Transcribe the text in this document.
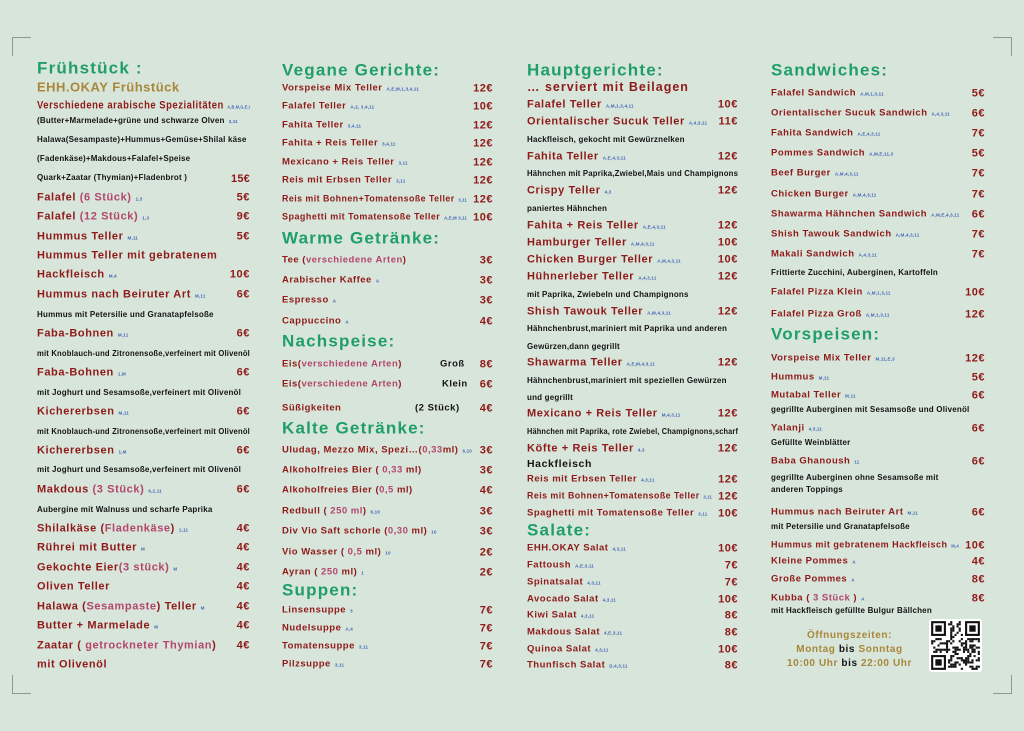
Frühstück :
EHH.OKAY Frühstück
Verschiedene arabische Spezialitäten A,B,M,G,E,I
(Butter+Marmelade+grüne und schwarze Olven 3,11
Halawa(Sesampaste)+Hummus+Gemüse+Shilal käse
(Fadenkäse)+Makdous+Falafel+Speise
Quark+Zaatar (Thymian)+Fladenbrot )	15€
Falafel (6 Stück) 1,3	5€
Falafel (12 Stück) 1,3	9€
Hummus Teller M,11	5€
Hummus Teller mit gebratenem
Hackfleisch M,4	10€
Hummus nach Beiruter Art M,11	6€
Hummus mit Petersilie und Granatapfelsoße
Faba-Bohnen M,11	6€
mit Knoblauch-und Zitronensoße,verfeinert mit Olivenöl
Faba-Bohnen 1,M	6€
mit Joghurt und Sesamsoße,verfeinert mit Olivenöl
Kichererbsen M,11	6€
mit Knoblauch-und Zitronensoße,verfeinert mit Olivenöl
Kichererbsen 1,M	6€
mit Joghurt und Sesamsoße,verfeinert mit Olivenöl
Makdous (3 Stück) 6,2,11	6€
Aubergine mit Walnuss und scharfe Paprika
Shilalkäse (Fladenkäse) 1,11	4€
Rührei mit Butter M	4€
Gekochte Eier(3 stück) M	4€
Oliven Teller	4€
Halawa (Sesampaste) Teller M	4€
Butter + Marmelade M	4€
Zaatar ( getrockneter Thymian) 4€
mit Olivenöl
Vegane Gerichte:
Vorspeise Mix Teller A,E,M,1,3,4,11	12€
Falafel Teller A,2, 3,4,11	10€
Fahita Teller 3,4,11	12€
Fahita + Reis Teller 3,4,11	12€
Mexicano + Reis Teller 3,11	12€
Reis mit Erbsen Teller 3,11	12€
Reis mit Bohnen+Tomatensoße Teller 3,11 12€
Spaghetti mit Tomatensoße Teller A,E,M 3,11 10€
Warme Getränke:
Tee (verschiedene Arten)	3€
Arabischer Kaffee A	3€
Espresso A	3€
Cappuccino A	4€
Nachspeise:
Eis(verschiedene Arten)	Groß 8€
Eis(verschiedene Arten)	Klein 6€
Süßigkeiten	(2 Stück) 4€
Kalte Getränke:
Uludag, Mezzo Mix, Spezi…(0,33ml) 6,10 3€
Alkoholfreies Bier ( 0,33 ml)	3€
Alkoholfreies Bier (0,5 ml)	4€
Redbull ( 250 ml) 6,10	3€
Div Vio Saft schorle (0,30 ml) 10	3€
Vio Wasser ( 0,5 ml) 10	2€
Ayran ( 250 ml) 1	2€
Suppen:
Linsensuppe 3	7€
Nudelsuppe A,4	7€
Tomatensuppe 3,11	7€
Pilzsuppe 3,11	7€
Hauptgerichte:
… serviert mit Beilagen
Falafel Teller A,M,1,3,4,11	10€
Orientalischer Sucuk Teller A,4,3,11 11€
Hackfleisch, gekocht mit Gewürznelken
Fahita Teller A,E,4,3,11	12€
Hähnchen mit Paprika,Zwiebel,Mais und Champignons
Crispy Teller 4,3	12€
paniertes Hähnchen
Fahita + Reis Teller A,E,4,3,11	12€
Hamburger Teller A,M,4,3,11	10€
Chicken Burger Teller A,M,4,3,11	10€
Hühnerleber Teller A,4,3,11	12€
mit Paprika, Zwiebeln und Champignons
Shish Tawouk Teller A,M,4,3,11	12€
Hähnchenbrust,mariniert mit Paprika und anderen
Gewürzen,dann gegrillt
Shawarma Teller A,E,M,4,3,11	12€
Hähnchenbrust,mariniert mit speziellen Gewürzen
und gegrillt
Mexicano + Reis Teller M,4,3,11	12€
Hähnchen mit Paprika, rote Zwiebel, Champignons,scharf
Köfte + Reis Teller 4,3	12€
Hackfleisch
Reis mit Erbsen Teller 4,3,11	12€
Reis mit Bohnen+Tomatensoße Teller 3,11 12€
Spaghetti mit Tomatensoße Teller 3,11 10€
Salate:
EHH.OKAY Salat 4,3,11	10€
Fattoush A,E,3,11	7€
Spinatsalat 4,3,11	7€
Avocado Salat 4,3,11	10€
Kiwi Salat 4,3,11	8€
Makdous Salat 4,E,3,11	8€
Quinoa Salat 4,3,11	10€
Thunfisch Salat D,4,3,11	8€
Sandwiches:
Falafel Sandwich A,M,1,3,11	5€
Orientalischer Sucuk Sandwich A,4,3,11 6€
Fahita Sandwich A,E,4,3,11	7€
Pommes Sandwich A,M,E,11,3	5€
Beef Burger A,M,4,3,11	7€
Chicken Burger A,M,4,3,11	7€
Shawarma Hähnchen Sandwich A,M,E,4,3,11 6€
Shish Tawouk Sandwich A,M,4,3,11	7€
Makali Sandwich A,4,3,11	7€
Frittierte Zucchini, Auberginen, Kartoffeln
Falafel Pizza Klein A,M,1,3,11	10€
Falafel Pizza Groß A,M,1,3,11	12€
Vorspeisen:
Vorspeise Mix Teller M,11,E,3	12€
Hummus M,11	5€
Mutabal Teller M,11	6€
gegrillte Auberginen mit Sesamsoße und Olivenöl
Yalanji 4,3,11	6€
Gefüllte Weinblätter
Baba Ghanoush 11	6€
gegrillte Auberginen ohne Sesamsoße mit
anderen Toppings
Hummus nach Beiruter Art M,11	6€
mit Petersilie und Granatapfelsoße
Hummus mit gebratenem Hackfleisch M,4 10€
Kleine Pommes A	4€
Große Pommes A	8€
Kubba ( 3 Stück ) A	8€
mit Hackfleisch gefüllte Bulgur Bällchen
Öffnungszeiten:
Montag bis Sonntag
10:00 Uhr bis 22:00 Uhr
